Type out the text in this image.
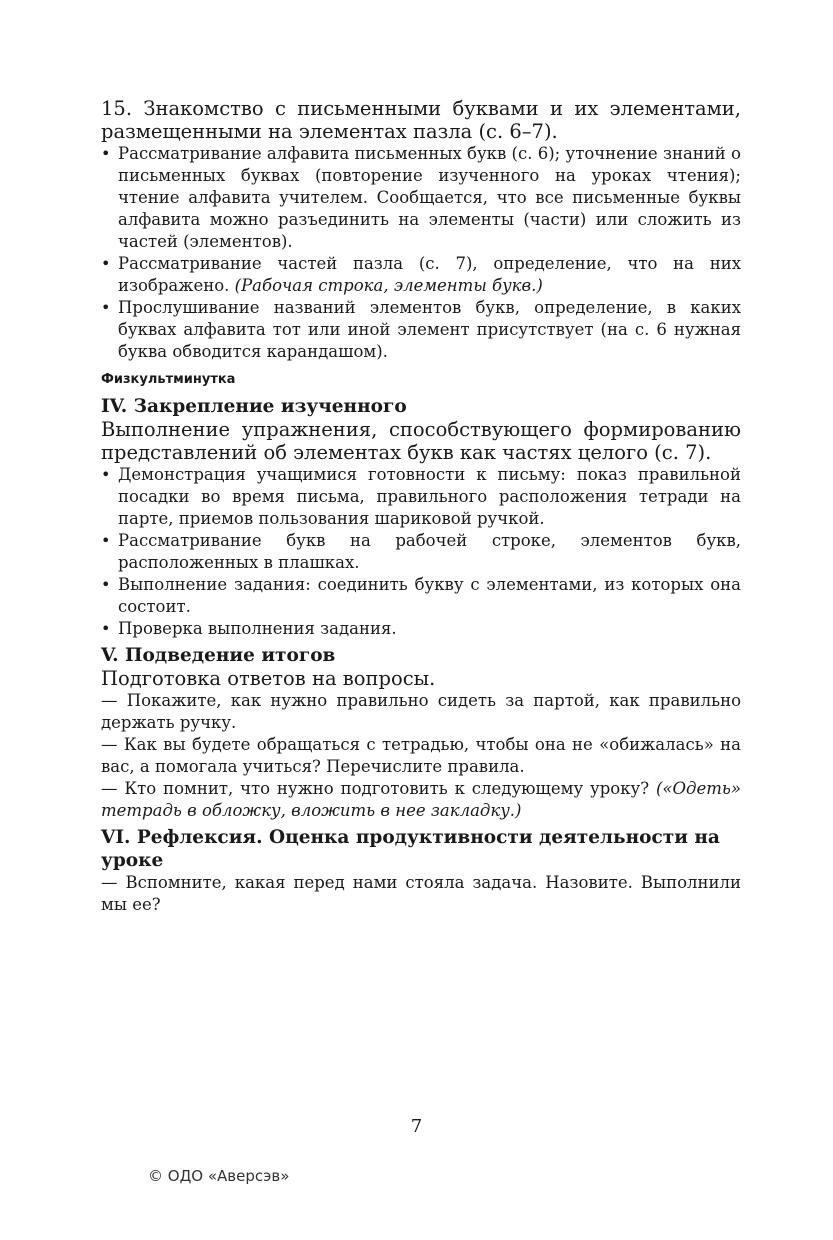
15. Знакомство с письменными буквами и их элементами, размещенными на элементах пазла (с. 6–7).

• Рассматривание алфавита письменных букв (с. 6); уточнение знаний о письменных буквах (повторение изученного на уроках чтения); чтение алфавита учителем. Сообщается, что все письменные буквы алфавита можно разъединить на элементы (части) или сложить из частей (элементов).
• Рассматривание частей пазла (с. 7), определение, что на них изображено. (Рабочая строка, элементы букв.)
• Прослушивание названий элементов букв, определение, в каких буквах алфавита тот или иной элемент присутствует (на с. 6 нужная буква обводится карандашом).
Физкультминутка

IV. Закрепление изученного

Выполнение упражнения, способствующего формированию представлений об элементах букв как частях целого (с. 7).

• Демонстрация учащимися готовности к письму: показ правильной посадки во время письма, правильного расположения тетради на парте, приемов пользования шариковой ручкой.
• Рассматривание букв на рабочей строке, элементов букв, расположенных в плашках.
• Выполнение задания: соединить букву с элементами, из которых она состоит.
• Проверка выполнения задания.

V. Подведение итогов

Подготовка ответов на вопросы.

— Покажите, как нужно правильно сидеть за партой, как правильно держать ручку.

— Как вы будете обращаться с тетрадью, чтобы она не «обижалась» на вас, а помогала учиться? Перечислите правила.

— Кто помнит, что нужно подготовить к следующему уроку? («Одеть» тетрадь в обложку, вложить в нее закладку.)

VI. Рефлексия. Оценка продуктивности деятельности на уроке

— Вспомните, какая перед нами стояла задача. Назовите. Выполнили мы ее?

7
© ОДО «Аверсэв»
